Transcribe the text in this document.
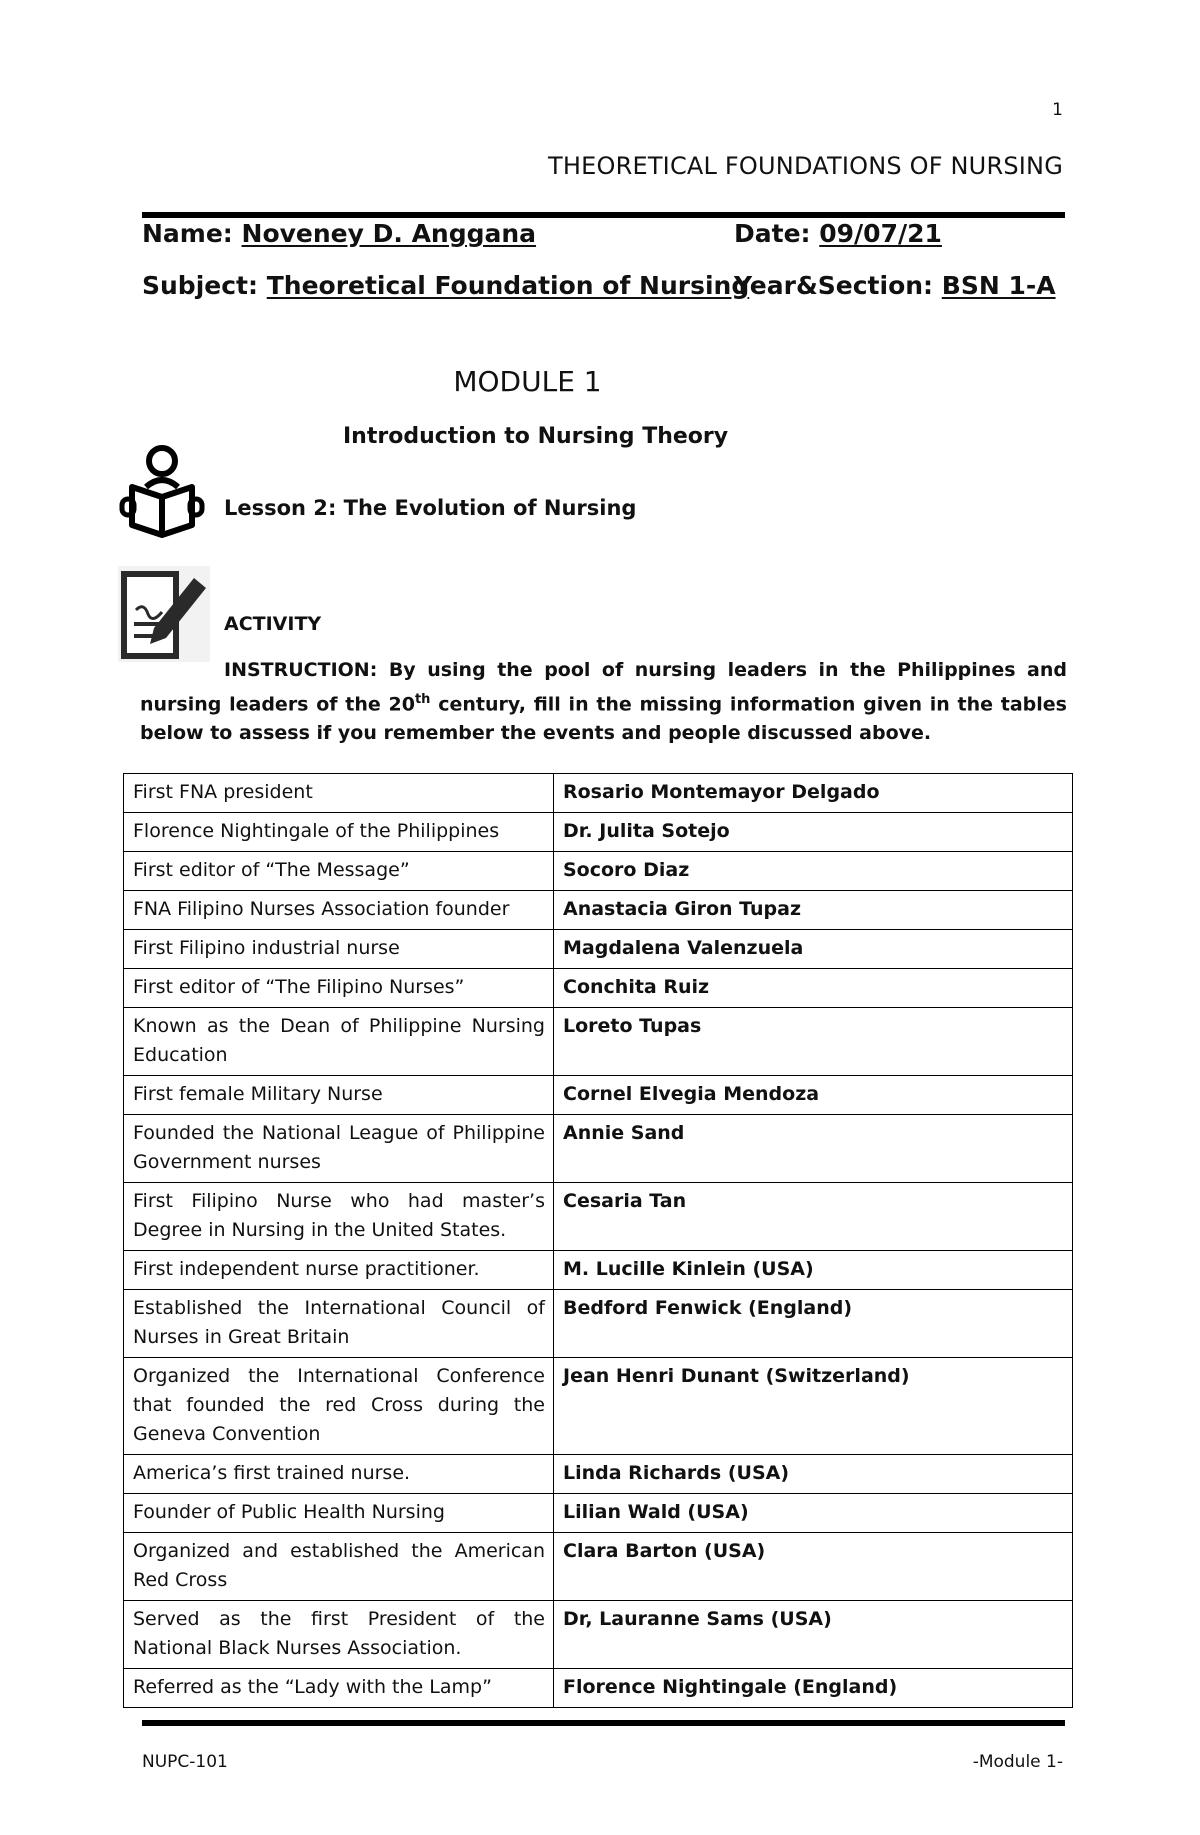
1
THEORETICAL FOUNDATIONS OF NURSING
Name: Noveney D. Anggana	Date: 09/07/21
Subject: Theoretical Foundation of Nursing
Year&Section: BSN 1-A
MODULE 1
Introduction to Nursing Theory
Lesson 2: The Evolution of Nursing
ACTIVITY
INSTRUCTION: By using the pool of nursing leaders in the Philippines and nursing leaders of the 20th century, fill in the missing information given in the tables below to assess if you remember the events and people discussed above.
First FNA president	Rosario Montemayor Delgado
Florence Nightingale of the Philippines	Dr. Julita Sotejo
First editor of “The Message”	Socoro Diaz
FNA Filipino Nurses Association founder	Anastacia Giron Tupaz
First Filipino industrial nurse	Magdalena Valenzuela
First editor of “The Filipino Nurses”	Conchita Ruiz
Known as the Dean of Philippine Nursing Education	Loreto Tupas
First female Military Nurse	Cornel Elvegia Mendoza
Founded the National League of Philippine Government nurses	Annie Sand
First Filipino Nurse who had master’s Degree in Nursing in the United States.	Cesaria Tan
First independent nurse practitioner.	M. Lucille Kinlein (USA)
Established the International Council of Nurses in Great Britain	Bedford Fenwick (England)
Organized the International Conference that founded the red Cross during the Geneva Convention	Jean Henri Dunant (Switzerland)
America’s first trained nurse.	Linda Richards (USA)
Founder of Public Health Nursing	Lilian Wald (USA)
Organized and established the American Red Cross	Clara Barton (USA)
Served as the first President of the National Black Nurses Association.	Dr, Lauranne Sams (USA)
Referred as the “Lady with the Lamp”	Florence Nightingale (England)
NUPC-101	-Module 1-
